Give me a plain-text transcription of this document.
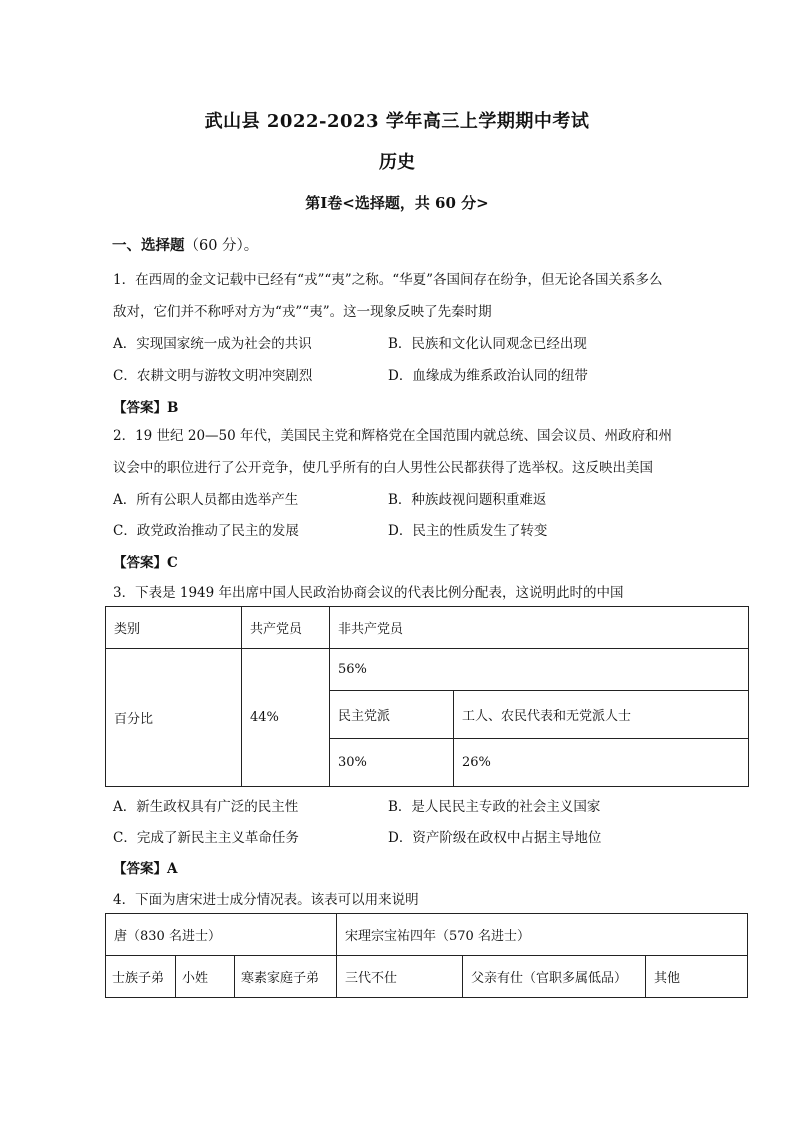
武山县 2022-2023 学年高三上学期期中考试
历史
第Ⅰ卷<选择题，共 60 分>
一、选择题（60 分）。
1．在西周的金文记载中已经有“戎”“夷”之称。“华夏”各国间存在纷争，但无论各国关系多么
敌对，它们并不称呼对方为“戎”“夷”。这一现象反映了先秦时期
A．实现国家统一成为社会的共识	B．民族和文化认同观念已经出现
C．农耕文明与游牧文明冲突剧烈	D．血缘成为维系政治认同的纽带
【答案】B
2．19 世纪 20—50 年代，美国民主党和辉格党在全国范围内就总统、国会议员、州政府和州
议会中的职位进行了公开竞争，使几乎所有的白人男性公民都获得了选举权。这反映出美国
A．所有公职人员都由选举产生	B．种族歧视问题积重难返
C．政党政治推动了民主的发展	D．民主的性质发生了转变
【答案】C
3．下表是 1949 年出席中国人民政治协商会议的代表比例分配表，这说明此时的中国
类别	共产党员	非共产党员	
百分比	44%	56%	
		民主党派	工人、农民代表和无党派人士
		30%	26%
A．新生政权具有广泛的民主性	B．是人民民主专政的社会主义国家
C．完成了新民主主义革命任务	D．资产阶级在政权中占据主导地位
【答案】A
4．下面为唐宋进士成分情况表。该表可以用来说明
唐（830 名进士）			宋理宗宝祐四年（570 名进士）		
士族子弟	小姓	寒素家庭子弟	三代不仕	父亲有仕（官职多属低品）	其他
